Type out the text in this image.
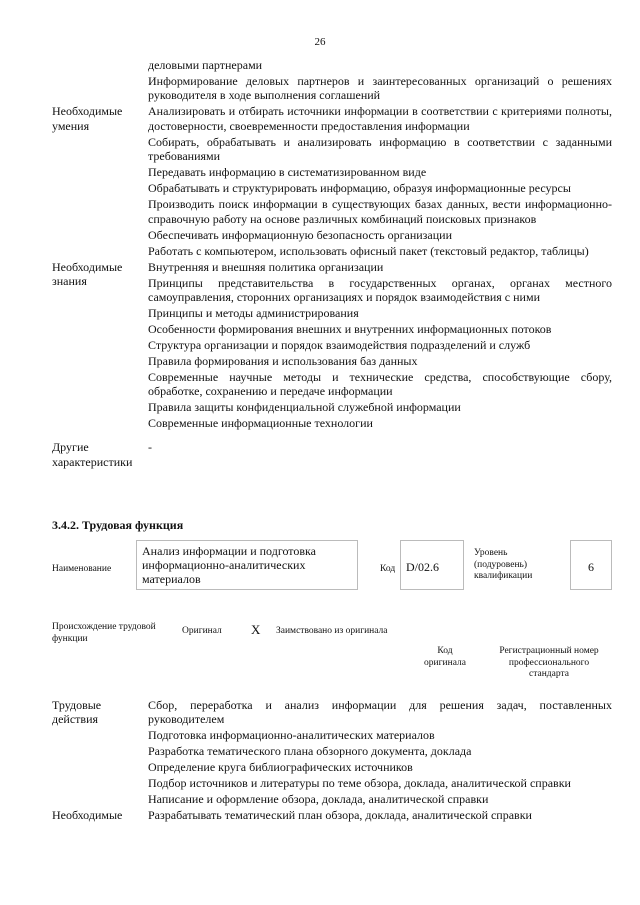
26
деловыми партнерами
Информирование деловых партнеров и заинтересованных организаций о решениях руководителя в ходе выполнения соглашений
Необходимые умения
Анализировать и отбирать источники информации в соответствии с критериями полноты, достоверности, своевременности предоставления информации
Собирать, обрабатывать и анализировать информацию в соответствии с заданными требованиями
Передавать информацию в систематизированном виде
Обрабатывать и структурировать информацию, образуя информационные ресурсы
Производить поиск информации в существующих базах данных, вести информационно-справочную работу на основе различных комбинаций поисковых признаков
Обеспечивать информационную безопасность организации
Работать с компьютером, использовать офисный пакет (текстовый редактор, таблицы)
Необходимые знания
Внутренняя и внешняя политика организации
Принципы представительства в государственных органах, органах местного самоуправления, сторонних организациях и порядок взаимодействия с ними
Принципы и методы администрирования
Особенности формирования внешних и внутренних информационных потоков
Структура организации и порядок взаимодействия подразделений и служб
Правила формирования и использования баз данных
Современные научные методы и технические средства, способствующие сбору, обработке, сохранению и передаче информации
Правила защиты конфиденциальной служебной информации
Современные информационные технологии
Другие характеристики
-
3.4.2. Трудовая функция
Наименование
Анализ информации и подготовка информационно-аналитических материалов
Код D/02.6
Уровень (подуровень) квалификации
6
Происхождение трудовой функции
Оригинал X Заимствовано из оригинала
Код оригинала
Регистрационный номер профессионального стандарта
Трудовые действия
Сбор, переработка и анализ информации для решения задач, поставленных руководителем
Подготовка информационно-аналитических материалов
Разработка тематического плана обзорного документа, доклада
Определение круга библиографических источников
Подбор источников и литературы по теме обзора, доклада, аналитической справки
Написание и оформление обзора, доклада, аналитической справки
Необходимые	Разрабатывать тематический план обзора, доклада, аналитической справки
